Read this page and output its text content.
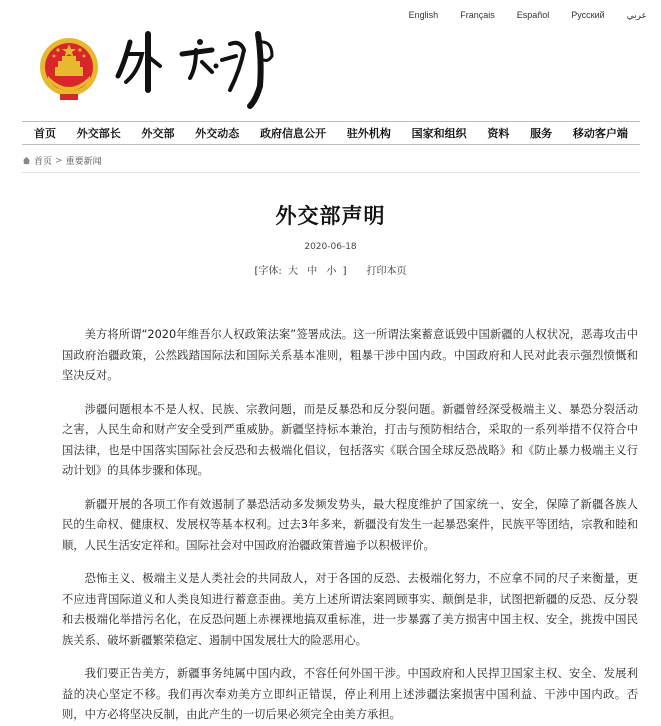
English Français Español Русский عربي
首页 外交部长 外交部 外交动态 政府信息公开 驻外机构 国家和组织 资料 服务 移动客户端
首页 > 重要新闻
外交部声明
2020-06-18
[字体: 大 中 小 ] 打印本页

美方将所谓“2020年维吾尔人权政策法案”签署成法。这一所谓法案蓄意诋毁中国新疆的人权状况，恶毒攻击中国政府治疆政策，公然践踏国际法和国际关系基本准则，粗暴干涉中国内政。中国政府和人民对此表示强烈愤慨和坚决反对。

涉疆问题根本不是人权、民族、宗教问题，而是反暴恐和反分裂问题。新疆曾经深受极端主义、暴恐分裂活动之害，人民生命和财产安全受到严重威胁。新疆坚持标本兼治，打击与预防相结合，采取的一系列举措不仅符合中国法律，也是中国落实国际社会反恐和去极端化倡议，包括落实《联合国全球反恐战略》和《防止暴力极端主义行动计划》的具体步骤和体现。

新疆开展的各项工作有效遏制了暴恐活动多发频发势头，最大程度维护了国家统一、安全，保障了新疆各族人民的生命权、健康权、发展权等基本权利。过去3年多来，新疆没有发生一起暴恐案件，民族平等团结，宗教和睦和顺，人民生活安定祥和。国际社会对中国政府治疆政策普遍予以积极评价。

恐怖主义、极端主义是人类社会的共同敌人，对于各国的反恐、去极端化努力，不应拿不同的尺子来衡量，更不应违背国际道义和人类良知进行蓄意歪曲。美方上述所谓法案罔顾事实、颠倒是非，试图把新疆的反恐、反分裂和去极端化举措污名化，在反恐问题上赤裸裸地搞双重标准，进一步暴露了美方损害中国主权、安全，挑拨中国民族关系、破坏新疆繁荣稳定、遏制中国发展壮大的险恶用心。

我们要正告美方，新疆事务纯属中国内政，不容任何外国干涉。中国政府和人民捍卫国家主权、安全、发展利益的决心坚定不移。我们再次奉劝美方立即纠正错误，停止利用上述涉疆法案损害中国利益、干涉中国内政。否则，中方必将坚决反制，由此产生的一切后果必须完全由美方承担。
